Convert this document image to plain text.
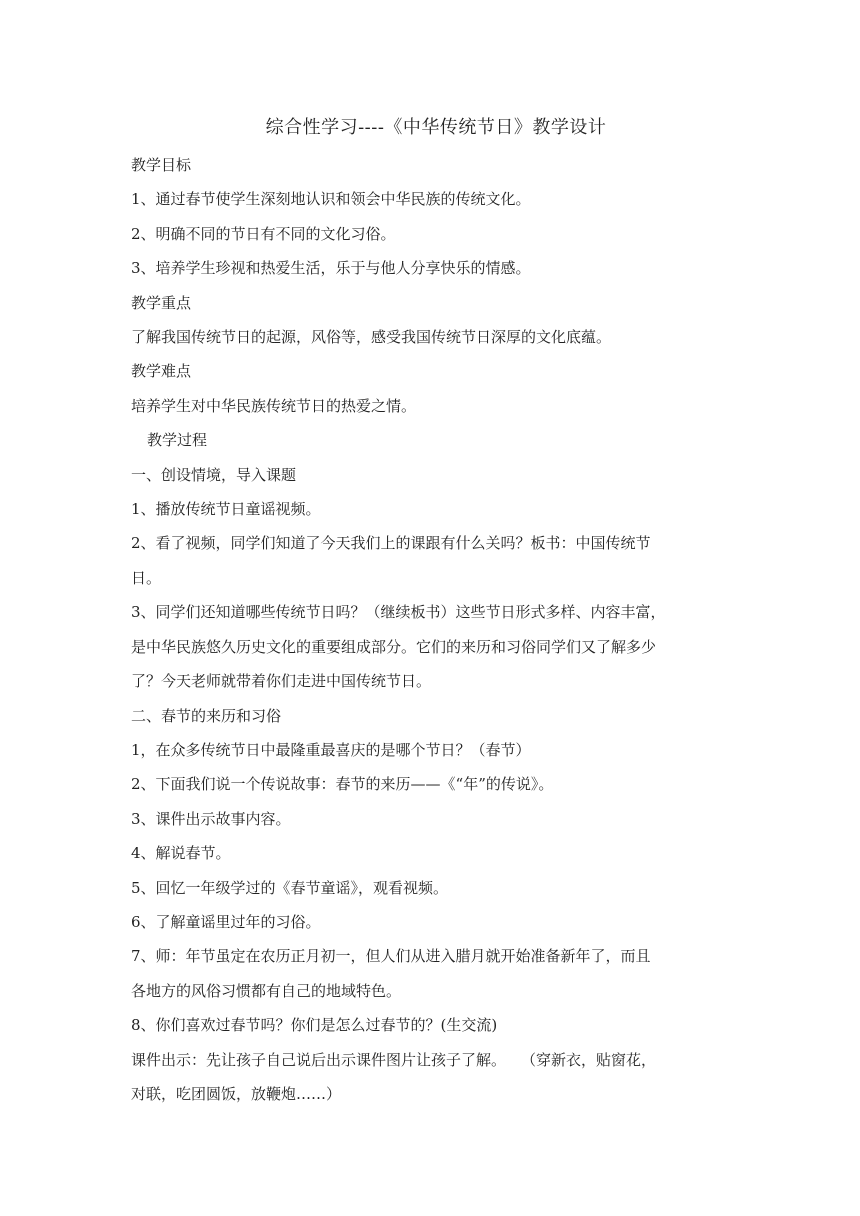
综合性学习----《中华传统节日》教学设计

教学目标

1、通过春节使学生深刻地认识和领会中华民族的传统文化。

2、明确不同的节日有不同的文化习俗。

3、培养学生珍视和热爱生活，乐于与他人分享快乐的情感。

教学重点

了解我国传统节日的起源，风俗等，感受我国传统节日深厚的文化底蕴。

教学难点

培养学生对中华民族传统节日的热爱之情。

教学过程

一、创设情境，导入课题

1、播放传统节日童谣视频。

2、看了视频，同学们知道了今天我们上的课跟有什么关吗？板书：中国传统节

日。

3、同学们还知道哪些传统节日吗？（继续板书）这些节日形式多样、内容丰富，

是中华民族悠久历史文化的重要组成部分。它们的来历和习俗同学们又了解多少

了？今天老师就带着你们走进中国传统节日。

二、春节的来历和习俗

1，在众多传统节日中最隆重最喜庆的是哪个节日？（春节）

2、下面我们说一个传说故事：春节的来历——《“年”的传说》。

3、课件出示故事内容。

4、解说春节。

5、回忆一年级学过的《春节童谣》，观看视频。

6、了解童谣里过年的习俗。

7、师：年节虽定在农历正月初一，但人们从进入腊月就开始准备新年了，而且

各地方的风俗习惯都有自己的地域特色。

8、你们喜欢过春节吗？你们是怎么过春节的？(生交流)

课件出示：先让孩子自己说后出示课件图片让孩子了解。　　（穿新衣，贴窗花，

对联，吃团圆饭，放鞭炮……）
